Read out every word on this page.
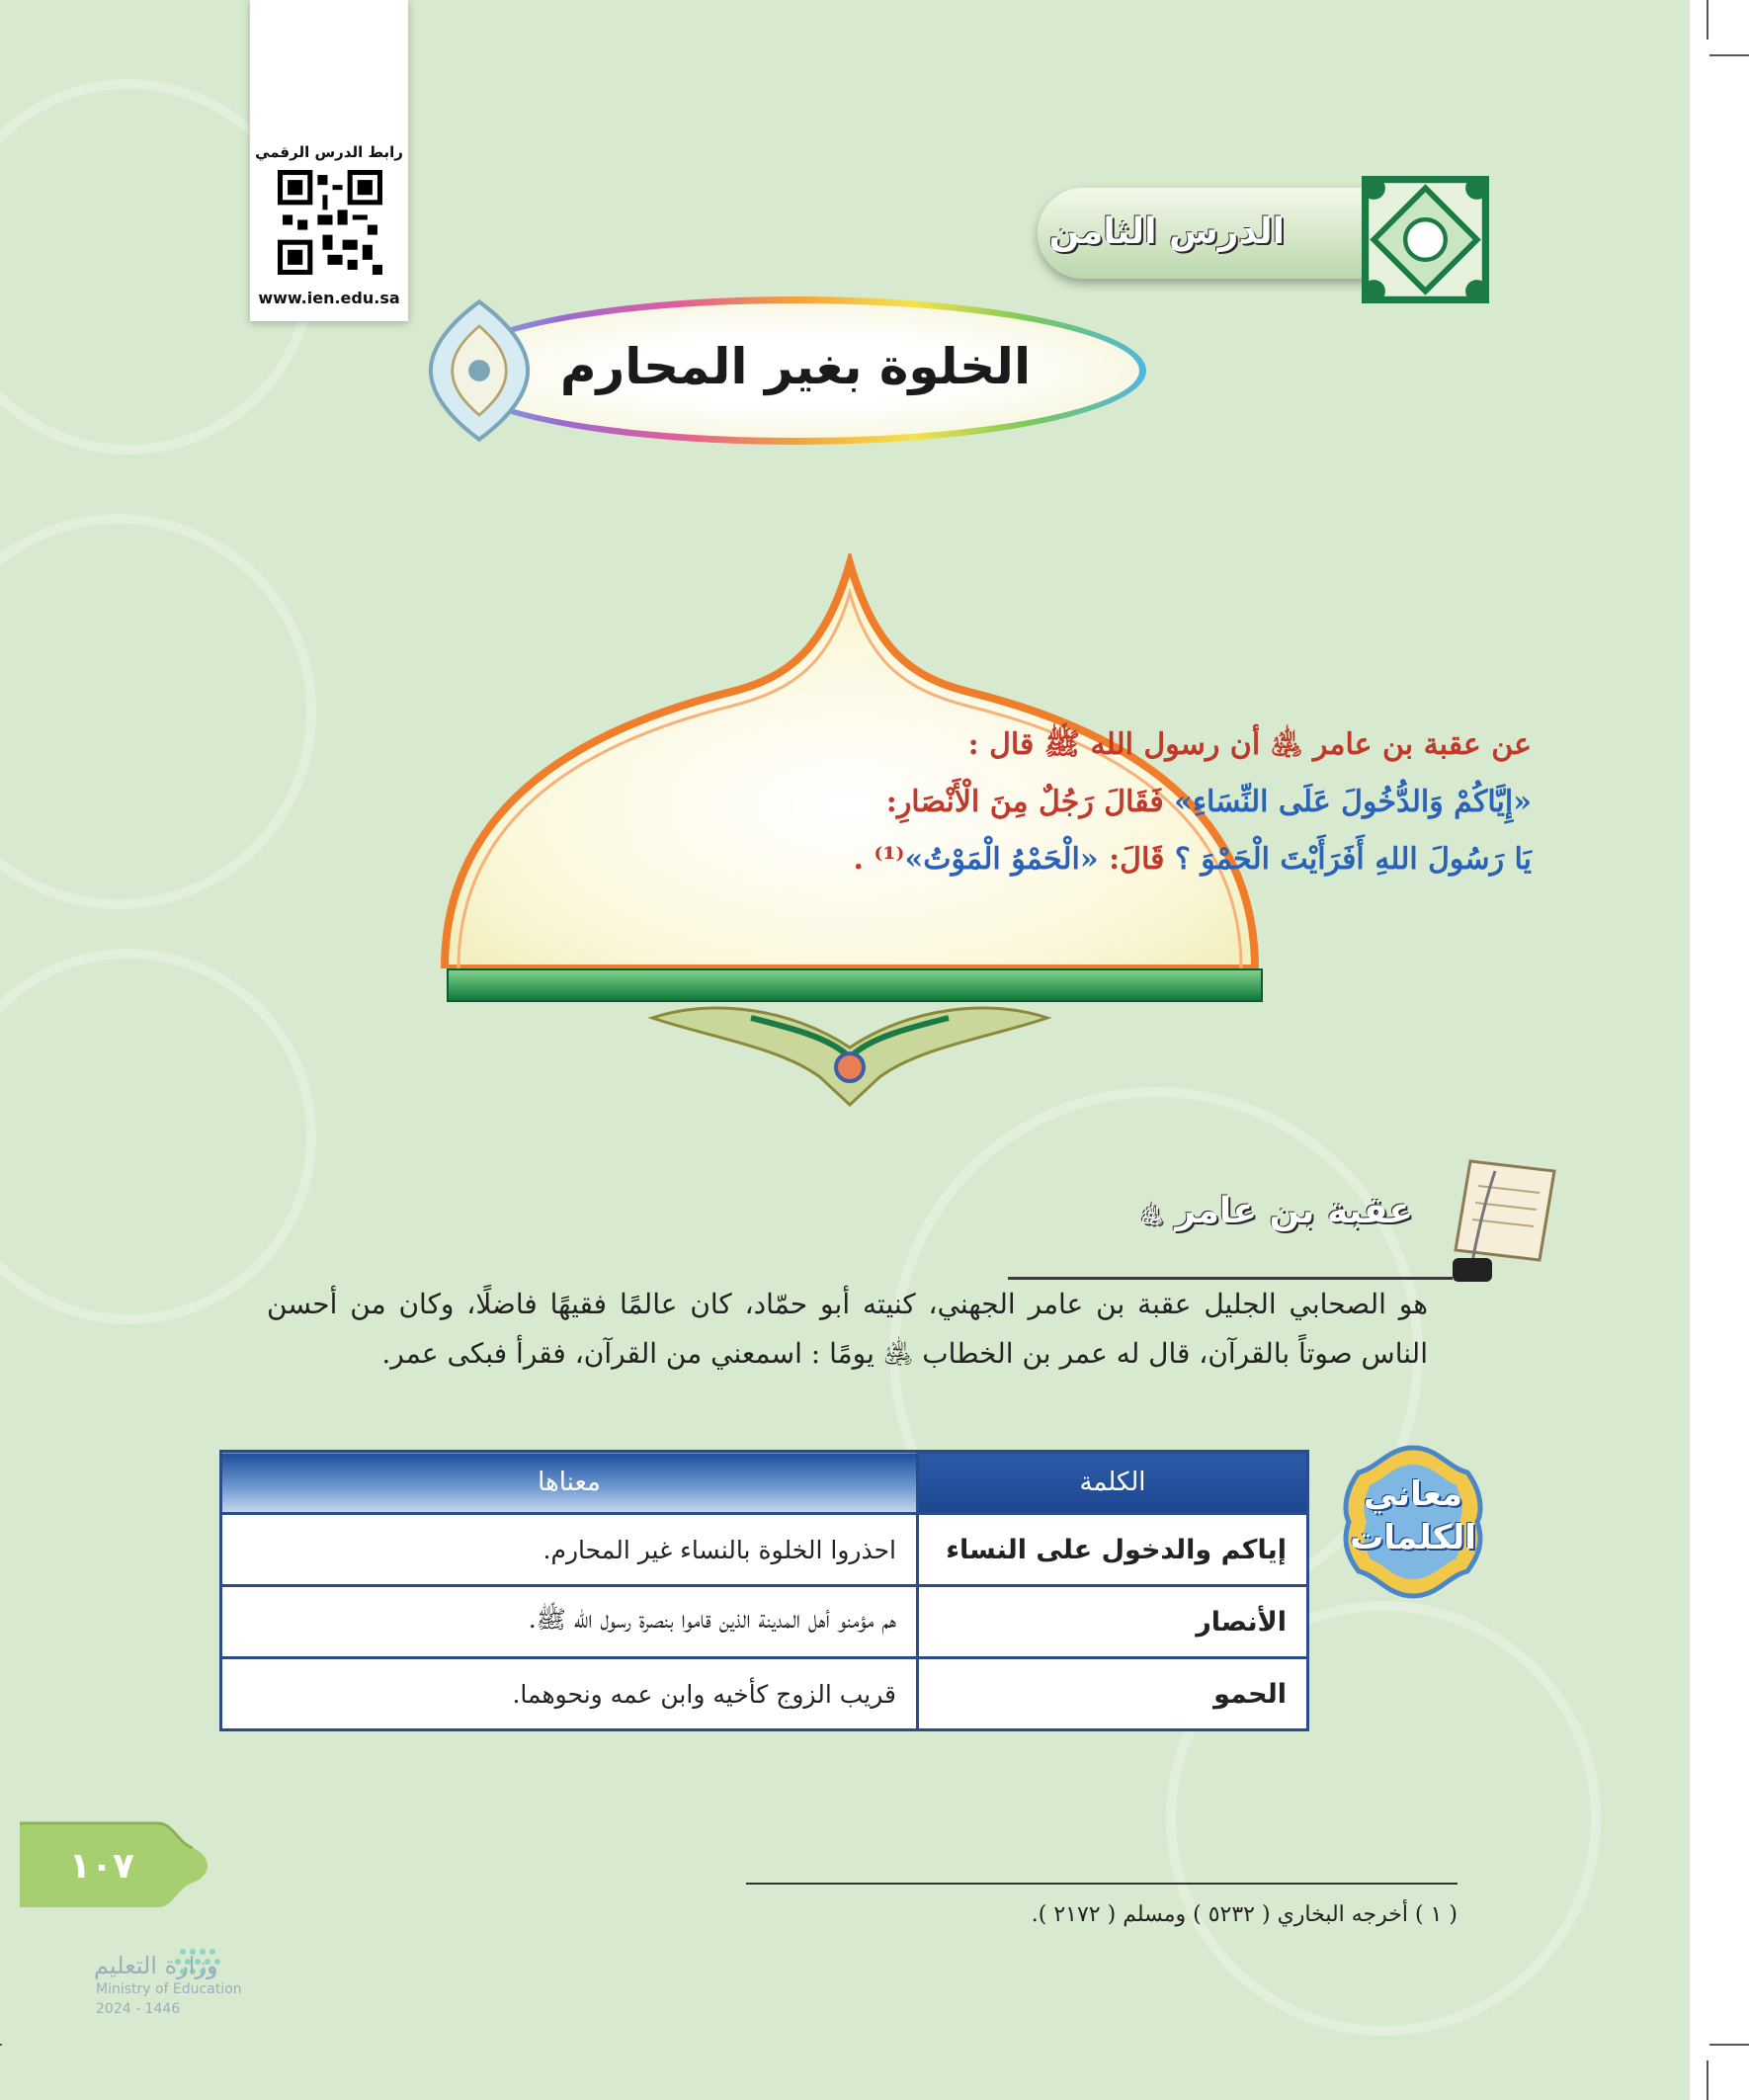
رابط الدرس الرقمي
www.ien.edu.sa
الدرس الثامن
الخلوة بغير المحارم
عن عقبة بن عامر ﵁ أن رسول الله ﷺ قال :
«إِيَّاكُمْ وَالدُّخُولَ عَلَى النِّسَاءِ» فَقَالَ رَجُلٌ مِنَ الْأَنْصَارِ:
يَا رَسُولَ اللهِ أَفَرَأَيْتَ الْحَمْوَ ؟ قَالَ: «الْحَمْوُ الْمَوْتُ»⁽¹⁾ .
عقبة بن عامر ﵁
هو الصحابي الجليل عقبة بن عامر الجهني، كنيته أبو حمّاد، كان عالمًا فقيهًا فاضلًا، وكان من أحسن الناس صوتاً بالقرآن، قال له عمر بن الخطاب ﵁ يومًا : اسمعني من القرآن، فقرأ فبكى عمر.
معاني
الكلمات
الكلمة	معناها
إياكم والدخول على النساء	احذروا الخلوة بالنساء غير المحارم.
الأنصار	هم مؤمنو أهل المدينة الذين قاموا بنصرة رسول الله ﷺ.
الحمو	قريب الزوج كأخيه وابن عمه ونحوهما.
١٠٧
وزارة التعليم
Ministry of Education
2024 - 1446
( ١ ) أخرجه البخاري ( ٥٢٣٢ ) ومسلم ( ٢١٧٢ ).
